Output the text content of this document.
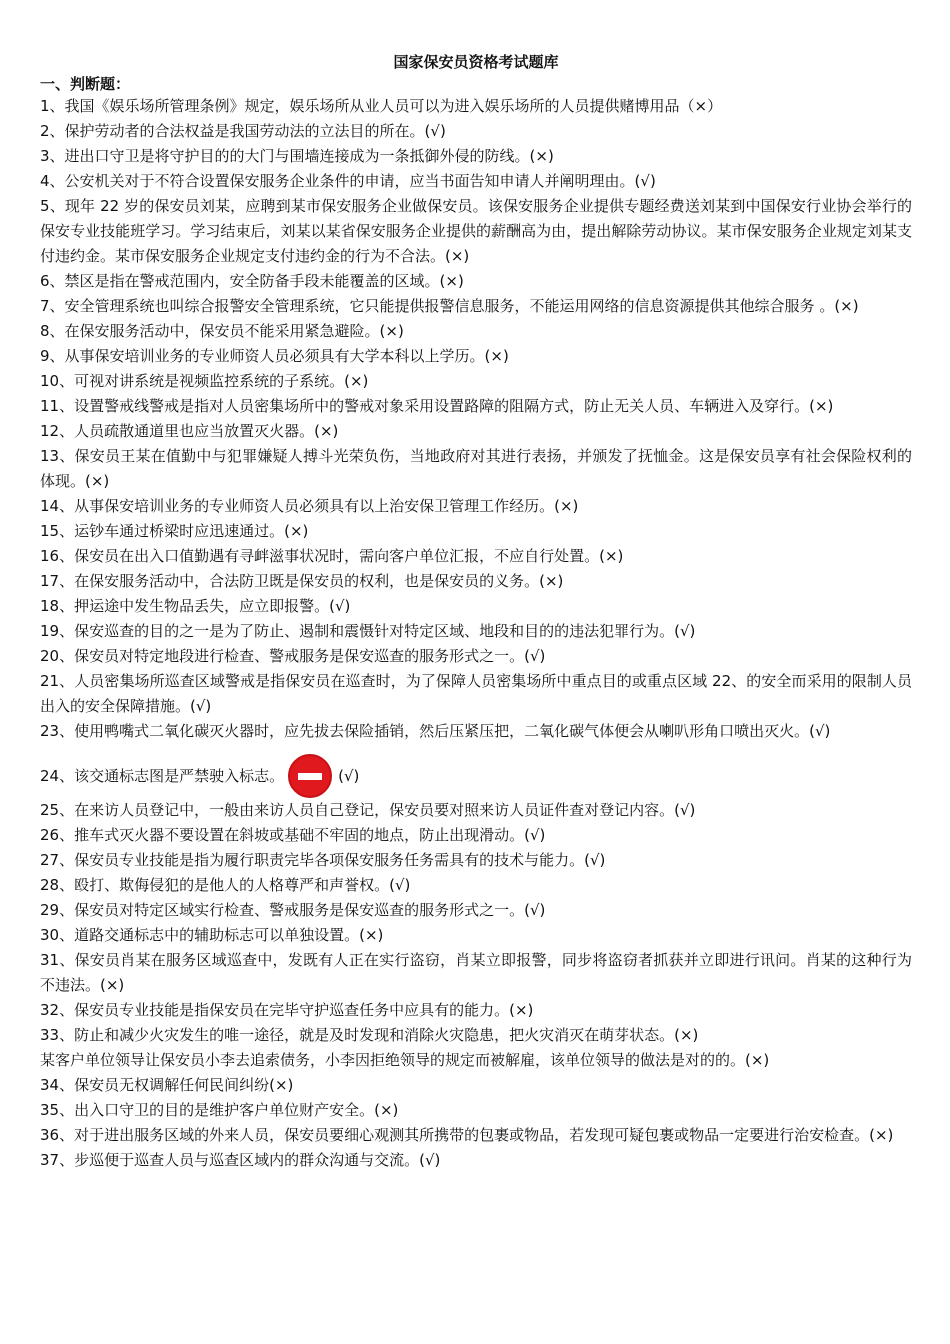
国家保安员资格考试题库
一、判断题：
1、我国《娱乐场所管理条例》规定，娱乐场所从业人员可以为进入娱乐场所的人员提供赌博用品（×）
2、保护劳动者的合法权益是我国劳动法的立法目的所在。(√)
3、进出口守卫是将守护目的的大门与围墙连接成为一条抵御外侵的防线。(×)
4、公安机关对于不符合设置保安服务企业条件的申请，应当书面告知申请人并阐明理由。(√)
5、现年 22 岁的保安员刘某，应聘到某市保安服务企业做保安员。该保安服务企业提供专题经费送刘某到中国保安行业协会举行的保安专业技能班学习。学习结束后，刘某以某省保安服务企业提供的薪酬高为由，提出解除劳动协议。某市保安服务企业规定刘某支付违约金。某市保安服务企业规定支付违约金的行为不合法。(×)
6、禁区是指在警戒范围内，安全防备手段未能覆盖的区域。(×)
7、安全管理系统也叫综合报警安全管理系统，它只能提供报警信息服务，不能运用网络的信息资源提供其他综合服务 。(×)
8、在保安服务活动中，保安员不能采用紧急避险。(×)
9、从事保安培训业务的专业师资人员必须具有大学本科以上学历。(×)
10、可视对讲系统是视频监控系统的子系统。(×)
11、设置警戒线警戒是指对人员密集场所中的警戒对象采用设置路障的阻隔方式，防止无关人员、车辆进入及穿行。(×)
12、人员疏散通道里也应当放置灭火器。(×)
13、保安员王某在值勤中与犯罪嫌疑人搏斗光荣负伤，当地政府对其进行表扬，并颁发了抚恤金。这是保安员享有社会保险权利的体现。(×)
14、从事保安培训业务的专业师资人员必须具有以上治安保卫管理工作经历。(×)
15、运钞车通过桥梁时应迅速通过。(×)
16、保安员在出入口值勤遇有寻衅滋事状况时，需向客户单位汇报，不应自行处置。(×)
17、在保安服务活动中，合法防卫既是保安员的权利，也是保安员的义务。(×)
18、押运途中发生物品丢失，应立即报警。(√)
19、保安巡查的目的之一是为了防止、遏制和震慑针对特定区域、地段和目的的违法犯罪行为。(√)
20、保安员对特定地段进行检查、警戒服务是保安巡查的服务形式之一。(√)
21、人员密集场所巡查区域警戒是指保安员在巡查时，为了保障人员密集场所中重点目的或重点区域 22、的安全而采用的限制人员出入的安全保障措施。(√)
23、使用鸭嘴式二氧化碳灭火器时，应先拔去保险插销，然后压紧压把，二氧化碳气体便会从喇叭形角口喷出灭火。(√)
24、该交通标志图是严禁驶入标志。	(√)
25、在来访人员登记中，一般由来访人员自己登记，保安员要对照来访人员证件查对登记内容。(√)
26、推车式灭火器不要设置在斜坡或基础不牢固的地点，防止出现滑动。(√)
27、保安员专业技能是指为履行职责完毕各项保安服务任务需具有的技术与能力。(√)
28、殴打、欺侮侵犯的是他人的人格尊严和声誉权。(√)
29、保安员对特定区域实行检查、警戒服务是保安巡查的服务形式之一。(√)
30、道路交通标志中的辅助标志可以单独设置。(×)
31、保安员肖某在服务区域巡查中，发既有人正在实行盗窃，肖某立即报警，同步将盗窃者抓获并立即进行讯问。肖某的这种行为不违法。(×)
32、保安员专业技能是指保安员在完毕守护巡查任务中应具有的能力。(×)
33、防止和减少火灾发生的唯一途径，就是及时发现和消除火灾隐患，把火灾消灭在萌芽状态。(×)
某客户单位领导让保安员小李去追索债务，小李因拒绝领导的规定而被解雇，该单位领导的做法是对的的。(×)
34、保安员无权调解任何民间纠纷(×)
35、出入口守卫的目的是维护客户单位财产安全。(×)
36、对于进出服务区域的外来人员，保安员要细心观测其所携带的包裹或物品，若发现可疑包裹或物品一定要进行治安检查。(×)
37、步巡便于巡查人员与巡查区域内的群众沟通与交流。(√)
